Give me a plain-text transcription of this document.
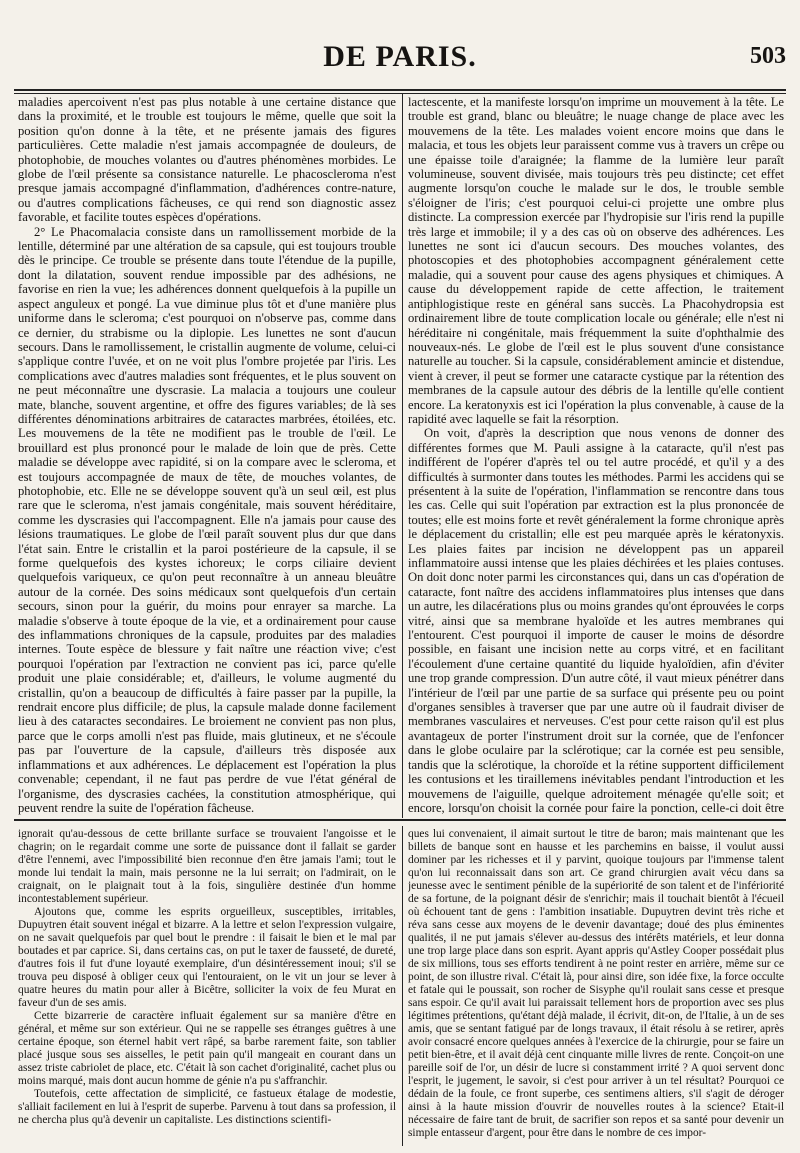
DE PARIS.	503

maladies apercoivent n'est pas plus notable à une certaine distance que dans la proximité, et le trouble est toujours le même, quelle que soit la position qu'on donne à la tête, et ne présente jamais des figures particulières. Cette maladie n'est jamais accompagnée de douleurs, de photophobie, de mouches volantes ou d'autres phénomènes morbides. Le globe de l'œil présente sa consistance naturelle. Le phacoscleroma n'est presque jamais accompagné d'inflammation, d'adhérences contre-nature, ou d'autres complications fâcheuses, ce qui rend son diagnostic assez favorable, et facilite toutes espèces d'opérations.

2° Le Phacomalacia consiste dans un ramollissement morbide de la lentille, déterminé par une altération de sa capsule, qui est toujours trouble dès le principe. Ce trouble se présente dans toute l'étendue de la pupille, dont la dilatation, souvent rendue impossible par des adhésions, ne favorise en rien la vue; les adhérences donnent quelquefois à la pupille un aspect anguleux et pongé. La vue diminue plus tôt et d'une manière plus uniforme dans le scleroma; c'est pourquoi on n'observe pas, comme dans ce dernier, du strabisme ou la diplopie. Les lunettes ne sont d'aucun secours. Dans le ramollissement, le cristallin augmente de volume, celui-ci s'applique contre l'uvée, et on ne voit plus l'ombre projetée par l'iris. Les complications avec d'autres maladies sont fréquentes, et le plus souvent on ne peut méconnaître une dyscrasie. La malacia a toujours une couleur mate, blanche, souvent argentine, et offre des figures variables; de là ses différentes dénominations arbitraires de cataractes marbrées, étoilées, etc. Les mouvemens de la tête ne modifient pas le trouble de l'œil. Le brouillard est plus prononcé pour le malade de loin que de près. Cette maladie se développe avec rapidité, si on la compare avec le scleroma, et est toujours accompagnée de maux de tête, de mouches volantes, de photophobie, etc. Elle ne se développe souvent qu'à un seul œil, est plus rare que le scleroma, n'est jamais congénitale, mais souvent héréditaire, comme les dyscrasies qui l'accompagnent. Elle n'a jamais pour cause des lésions traumatiques. Le globe de l'œil paraît souvent plus dur que dans l'état sain. Entre le cristallin et la paroi postérieure de la capsule, il se forme quelquefois des kystes ichoreux; le corps ciliaire devient quelquefois variqueux, ce qu'on peut reconnaître à un anneau bleuâtre autour de la cornée. Des soins médicaux sont quelquefois d'un certain secours, sinon pour la guérir, du moins pour enrayer sa marche. La maladie s'observe à toute époque de la vie, et a ordinairement pour cause des inflammations chroniques de la capsule, produites par des maladies internes. Toute espèce de blessure y fait naître une réaction vive; c'est pourquoi l'opération par l'extraction ne convient pas ici, parce qu'elle produit une plaie considérable; et, d'ailleurs, le volume augmenté du cristallin, qu'on a beaucoup de difficultés à faire passer par la pupille, la rendrait encore plus difficile; de plus, la capsule malade donne facilement lieu à des cataractes secondaires. Le broiement ne convient pas non plus, parce que le corps amolli n'est pas fluide, mais glutineux, et ne s'écoule pas par l'ouverture de la capsule, d'ailleurs très disposée aux inflammations et aux adhérences. Le déplacement est l'opération la plus convenable; cependant, il ne faut pas perdre de vue l'état général de l'organisme, des dyscrasies cachées, la constitution atmosphérique, qui peuvent rendre la suite de l'opération fâcheuse.

lactescente, et la manifeste lorsqu'on imprime un mouvement à la tête. Le trouble est grand, blanc ou bleuâtre; le nuage change de place avec les mouvemens de la tête. Les malades voient encore moins que dans le malacia, et tous les objets leur paraissent comme vus à travers un crêpe ou une épaisse toile d'araignée; la flamme de la lumière leur paraît volumineuse, souvent divisée, mais toujours très peu distincte; cet effet augmente lorsqu'on couche le malade sur le dos, le trouble semble s'éloigner de l'iris; c'est pourquoi celui-ci projette une ombre plus distincte. La compression exercée par l'hydropisie sur l'iris rend la pupille très large et immobile; il y a des cas où on observe des adhérences. Les lunettes ne sont ici d'aucun secours. Des mouches volantes, des photoscopies et des photophobies accompagnent généralement cette maladie, qui a souvent pour cause des agens physiques et chimiques. A cause du développement rapide de cette affection, le traitement antiphlogistique reste en général sans succès. La Phacohydropsia est ordinairement libre de toute complication locale ou générale; elle n'est ni héréditaire ni congénitale, mais fréquemment la suite d'ophthalmie des nouveaux-nés. Le globe de l'œil est le plus souvent d'une consistance naturelle au toucher. Si la capsule, considérablement amincie et distendue, vient à crever, il peut se former une cataracte cystique par la rétention des membranes de la capsule autour des débris de la lentille qu'elle contient encore. La keratonyxis est ici l'opération la plus convenable, à cause de la rapidité avec laquelle se fait la résorption.

On voit, d'après la description que nous venons de donner des différentes formes que M. Pauli assigne à la cataracte, qu'il n'est pas indifférent de l'opérer d'après tel ou tel autre procédé, et qu'il y a des difficultés à surmonter dans toutes les méthodes. Parmi les accidens qui se présentent à la suite de l'opération, l'inflammation se rencontre dans tous les cas. Celle qui suit l'opération par extraction est la plus prononcée de toutes; elle est moins forte et revêt généralement la forme chronique après le déplacement du cristallin; elle est peu marquée après le kératonyxis. Les plaies faites par incision ne développent pas un appareil inflammatoire aussi intense que les plaies déchirées et les plaies contuses. On doit donc noter parmi les circonstances qui, dans un cas d'opération de cataracte, font naître des accidens inflammatoires plus intenses que dans un autre, les dilacérations plus ou moins grandes qu'ont éprouvées le corps vitré, ainsi que sa membrane hyaloïde et les autres membranes qui l'entourent. C'est pourquoi il importe de causer le moins de désordre possible, en faisant une incision nette au corps vitré, et en facilitant l'écoulement d'une certaine quantité du liquide hyaloïdien, afin d'éviter une trop grande compression. D'un autre côté, il vaut mieux pénétrer dans l'intérieur de l'œil par une partie de sa surface qui présente peu ou point d'organes sensibles à traverser que par une autre où il faudrait diviser de membranes vasculaires et nerveuses. C'est pour cette raison qu'il est plus avantageux de porter l'instrument droit sur la cornée, que de l'enfoncer dans le globe oculaire par la sclérotique; car la cornée est peu sensible, tandis que la sclérotique, la choroïde et la rétine supportent difficilement les contusions et les tiraillemens inévitables pendant l'introduction et les mouvemens de l'aiguille, quelque adroitement ménagée qu'elle soit; et encore, lorsqu'on choisit la cornée pour faire la ponction, celle-ci doit être

ignorait qu'au-dessous de cette brillante surface se trouvaient l'angoisse et le chagrin; on le regardait comme une sorte de puissance dont il fallait se garder d'être l'ennemi, avec l'impossibilité bien reconnue d'en être jamais l'ami; tout le monde lui tendait la main, mais personne ne la lui serrait; on l'admirait, on le craignait, on le plaignait tout à la fois, singulière destinée d'un homme incontestablement supérieur.

Ajoutons que, comme les esprits orgueilleux, susceptibles, irritables, Dupuytren était souvent inégal et bizarre. A la lettre et selon l'expression vulgaire, on ne savait quelquefois par quel bout le prendre : il faisait le bien et le mal par boutades et par caprice. Si, dans certains cas, on put le taxer de fausseté, de dureté, d'autres fois il fut d'une loyauté exemplaire, d'un désintéressement inoui; s'il se trouva peu disposé à obliger ceux qui l'entouraient, on le vit un jour se lever à quatre heures du matin pour aller à Bicêtre, solliciter la voix de feu Murat en faveur d'un de ses amis.

Cette bizarrerie de caractère influait également sur sa manière d'être en général, et même sur son extérieur. Qui ne se rappelle ses étranges guêtres à une certaine époque, son éternel habit vert râpé, sa barbe rarement faite, son tablier placé jusque sous ses aisselles, le petit pain qu'il mangeait en courant dans un assez triste cabriolet de place, etc. C'était là son cachet d'originalité, cachet plus ou moins marqué, mais dont aucun homme de génie n'a pu s'affranchir.

Toutefois, cette affectation de simplicité, ce fastueux étalage de modestie, s'alliait facilement en lui à l'esprit de superbe. Parvenu à tout dans sa profession, il ne chercha plus qu'à devenir un capitaliste. Les distinctions scientifi-

ques lui convenaient, il aimait surtout le titre de baron; mais maintenant que les billets de banque sont en hausse et les parchemins en baisse, il voulut aussi dominer par les richesses et il y parvint, quoique toujours par l'immense talent qu'on lui reconnaissait dans son art. Ce grand chirurgien avait vécu dans sa jeunesse avec le sentiment pénible de la supériorité de son talent et de l'infériorité de sa fortune, de la poignant désir de s'enrichir; mais il touchait bientôt à l'écueil où échouent tant de gens : l'ambition insatiable. Dupuytren devint très riche et réva sans cesse aux moyens de le devenir davantage; doué des plus éminentes qualités, il ne put jamais s'élever au-dessus des intérêts matériels, et leur donna une trop large place dans son esprit. Ayant appris qu'Astley Cooper possédait plus de six millions, tous ses efforts tendirent à ne point rester en arrière, même sur ce point, de son illustre rival. C'était là, pour ainsi dire, son idée fixe, la force occulte et fatale qui le poussait, son rocher de Sisyphe qu'il roulait sans cesse et presque sans espoir. Ce qu'il avait lui paraissait tellement hors de proportion avec ses plus légitimes prétentions, qu'étant déjà malade, il écrivit, dit-on, de l'Italie, à un de ses amis, que se sentant fatigué par de longs travaux, il était résolu à se retirer, après avoir consacré encore quelques années à l'exercice de la chirurgie, pour se faire un petit bien-être, et il avait déjà cent cinquante mille livres de rente. Conçoit-on une pareille soif de l'or, un désir de lucre si constamment irrité ? A quoi servent donc l'esprit, le jugement, le savoir, si c'est pour arriver à un tel résultat? Pourquoi ce dédain de la foule, ce front superbe, ces sentimens altiers, s'il s'agit de déroger ainsi à la haute mission d'ouvrir de nouvelles routes à la science? Etait-il nécessaire de faire tant de bruit, de sacrifier son repos et sa santé pour devenir un simple entasseur d'argent, pour être dans le nombre de ces impor-
